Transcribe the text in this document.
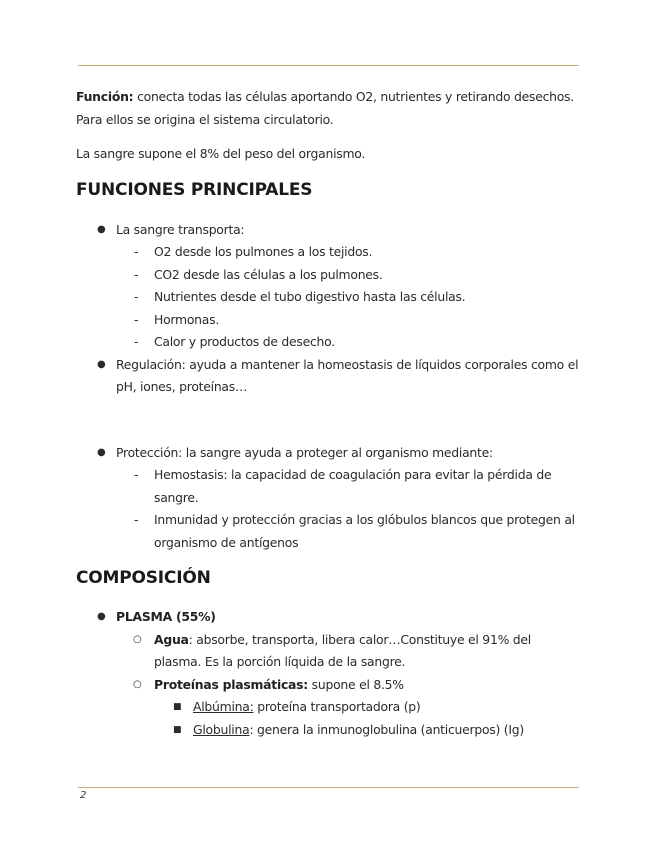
Función: conecta todas las células aportando O2, nutrientes y retirando desechos. Para ellos se origina el sistema circulatorio.

La sangre supone el 8% del peso del organismo.

FUNCIONES PRINCIPALES
● La sangre transporta:
- O2 desde los pulmones a los tejidos.
- CO2 desde las células a los pulmones.
- Nutrientes desde el tubo digestivo hasta las células.
- Hormonas.
- Calor y productos de desecho.
● Regulación: ayuda a mantener la homeostasis de líquidos corporales como el pH, iones, proteínas…
● Protección: la sangre ayuda a proteger al organismo mediante:
- Hemostasis: la capacidad de coagulación para evitar la pérdida de sangre.
- Inmunidad y protección gracias a los glóbulos blancos que protegen al organismo de antígenos
COMPOSICIÓN
● PLASMA (55%)
○ Agua: absorbe, transporta, libera calor…Constituye el 91% del plasma. Es la porción líquida de la sangre.
○ Proteínas plasmáticas: supone el 8.5%
■ Albúmina: proteína transportadora (p)
■ Globulina: genera la inmunoglobulina (anticuerpos) (Ig)
2
